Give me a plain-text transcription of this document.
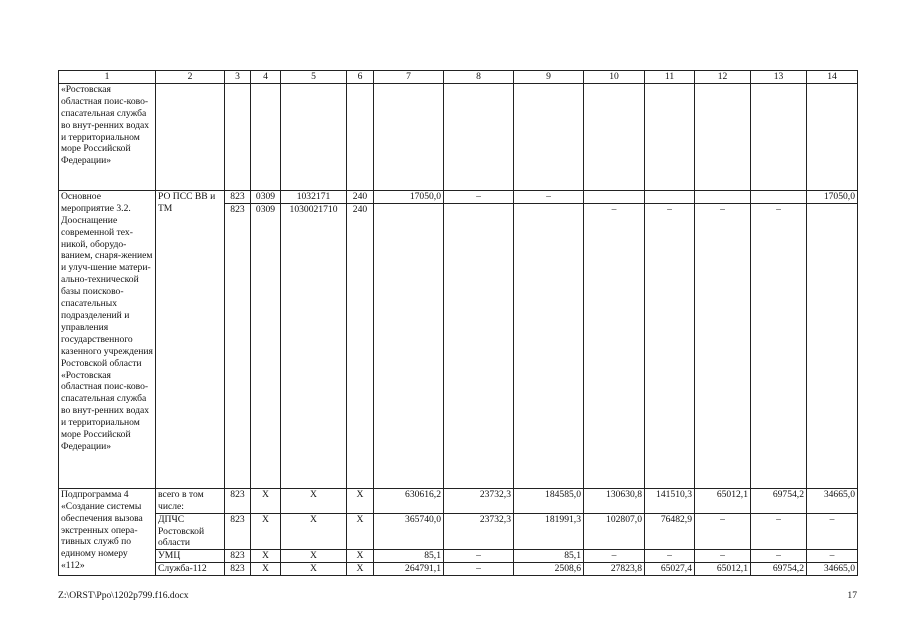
1	2	3	4	5	6	7	8	9	10	11	12	13	14
«Ростовская областная поис-ково-спасательная служба во внут-ренних водах и территориальном море Российской Федерации»													
Основное мероприятие 3.2. Дооснащение современной тех-никой, оборудо-ванием, снаря-жением и улуч-шение матери-ально-технической базы поисково-спасательных подразделений и управления государственного казенного учреждения Ростовской области «Ростовская областная поис-ково-спасательная служба во внут-ренних водах и территориальном море Российской Федерации»	РО ПСС ВВ и ТМ	823	0309	1032171	240	17050,0	–	–					17050,0
		823	0309	1030021710	240				–	–	–	–	
Подпрограмма 4 «Создание системы обеспечения вызова экстренных опера-тивных служб по единому номеру «112»	всего в том числе:	823	Х	Х	Х	630616,2	23732,3	184585,0	130630,8	141510,3	65012,1	69754,2	34665,0
	ДПЧС Ростовской области	823	Х	Х	Х	365740,0	23732,3	181991,3	102807,0	76482,9	–	–	–
	УМЦ	823	Х	Х	Х	85,1	–	85,1	–	–	–	–	–
	Служба-112	823	Х	Х	Х	264791,1	–	2508,6	27823,8	65027,4	65012,1	69754,2	34665,0
Z:\ORST\Ppo\1202p799.f16.docx	17
